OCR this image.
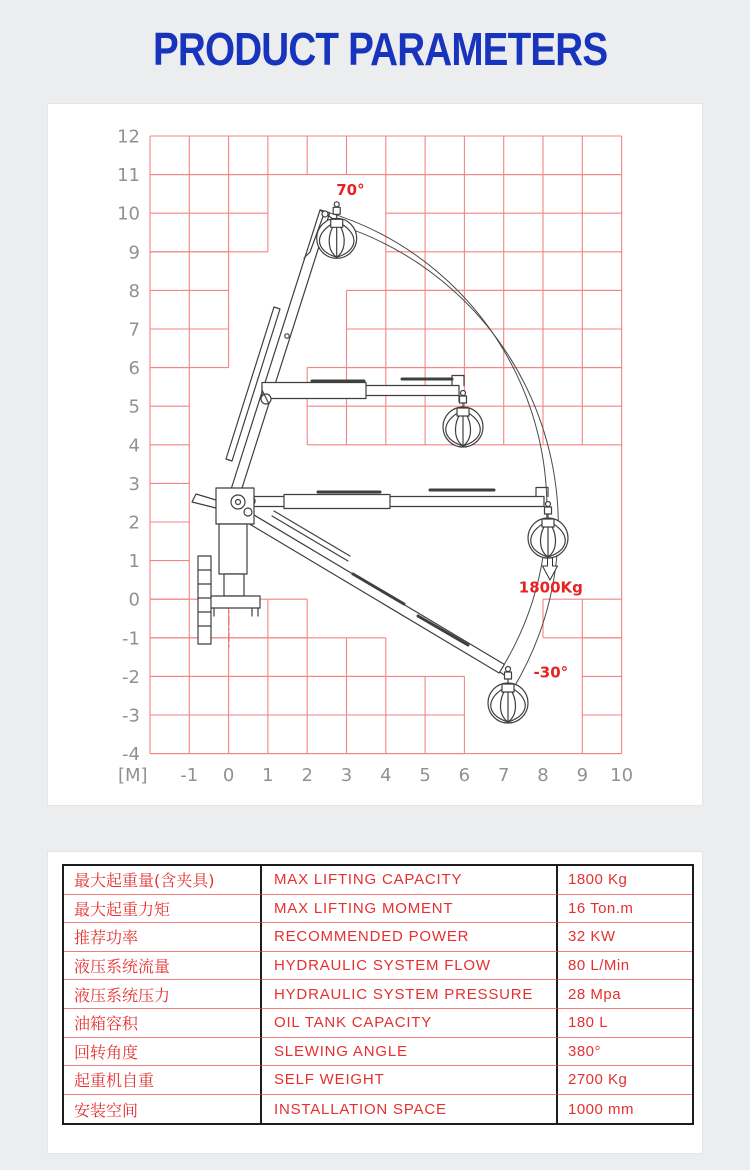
PRODUCT PARAMETERS
12
11
10
9
8
7
6
5
4
3
2
1
0
-1
-2
-3
-4
-1 0 1 2 3 4 5 6 7 8 9 10
[M]
70°
1800Kg
-30°
最大起重量(含夹具)	MAX LIFTING CAPACITY	1800 Kg
最大起重力矩	MAX LIFTING MOMENT	16 Ton.m
推荐功率	RECOMMENDED POWER	32 KW
液压系统流量	HYDRAULIC SYSTEM FLOW	80 L/Min
液压系统压力	HYDRAULIC SYSTEM PRESSURE	28 Mpa
油箱容积	OIL TANK CAPACITY	180 L
回转角度	SLEWING ANGLE	380°
起重机自重	SELF WEIGHT	2700 Kg
安装空间	INSTALLATION SPACE	1000 mm
